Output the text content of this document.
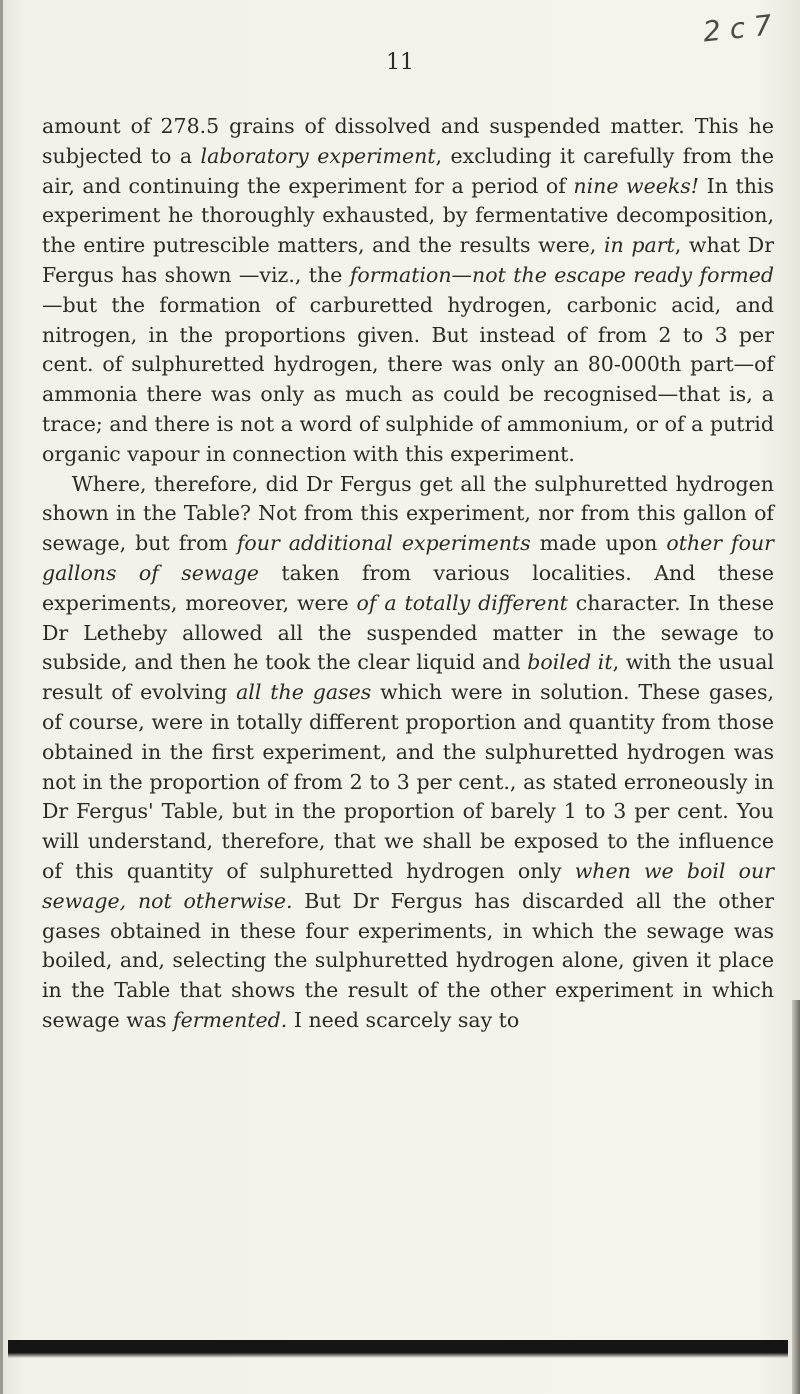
2 c 7
11

amount of 278.5 grains of dissolved and suspended matter. This he subjected to a laboratory experiment, excluding it carefully from the air, and continuing the experiment for a period of nine weeks! In this experiment he thoroughly exhausted, by fermentative decomposition, the entire putrescible matters, and the results were, in part, what Dr Fergus has shown —viz., the formation—not the escape ready formed—but the formation of carburetted hydrogen, carbonic acid, and nitrogen, in the proportions given. But instead of from 2 to 3 per cent. of sulphuretted hydrogen, there was only an 80-000th part—of ammonia there was only as much as could be recognised—that is, a trace; and there is not a word of sulphide of ammonium, or of a putrid organic vapour in connection with this experiment.

Where, therefore, did Dr Fergus get all the sulphuretted hydrogen shown in the Table? Not from this experiment, nor from this gallon of sewage, but from four additional experiments made upon other four gallons of sewage taken from various localities. And these experiments, moreover, were of a totally different character. In these Dr Letheby allowed all the suspended matter in the sewage to subside, and then he took the clear liquid and boiled it, with the usual result of evolving all the gases which were in solution. These gases, of course, were in totally different proportion and quantity from those obtained in the first experiment, and the sulphuretted hydrogen was not in the proportion of from 2 to 3 per cent., as stated erroneously in Dr Fergus' Table, but in the proportion of barely 1 to 3 per cent. You will understand, therefore, that we shall be exposed to the influence of this quantity of sulphuretted hydrogen only when we boil our sewage, not otherwise. But Dr Fergus has discarded all the other gases obtained in these four experiments, in which the sewage was boiled, and, selecting the sulphuretted hydrogen alone, given it place in the Table that shows the result of the other experiment in which sewage was fermented. I need scarcely say to
